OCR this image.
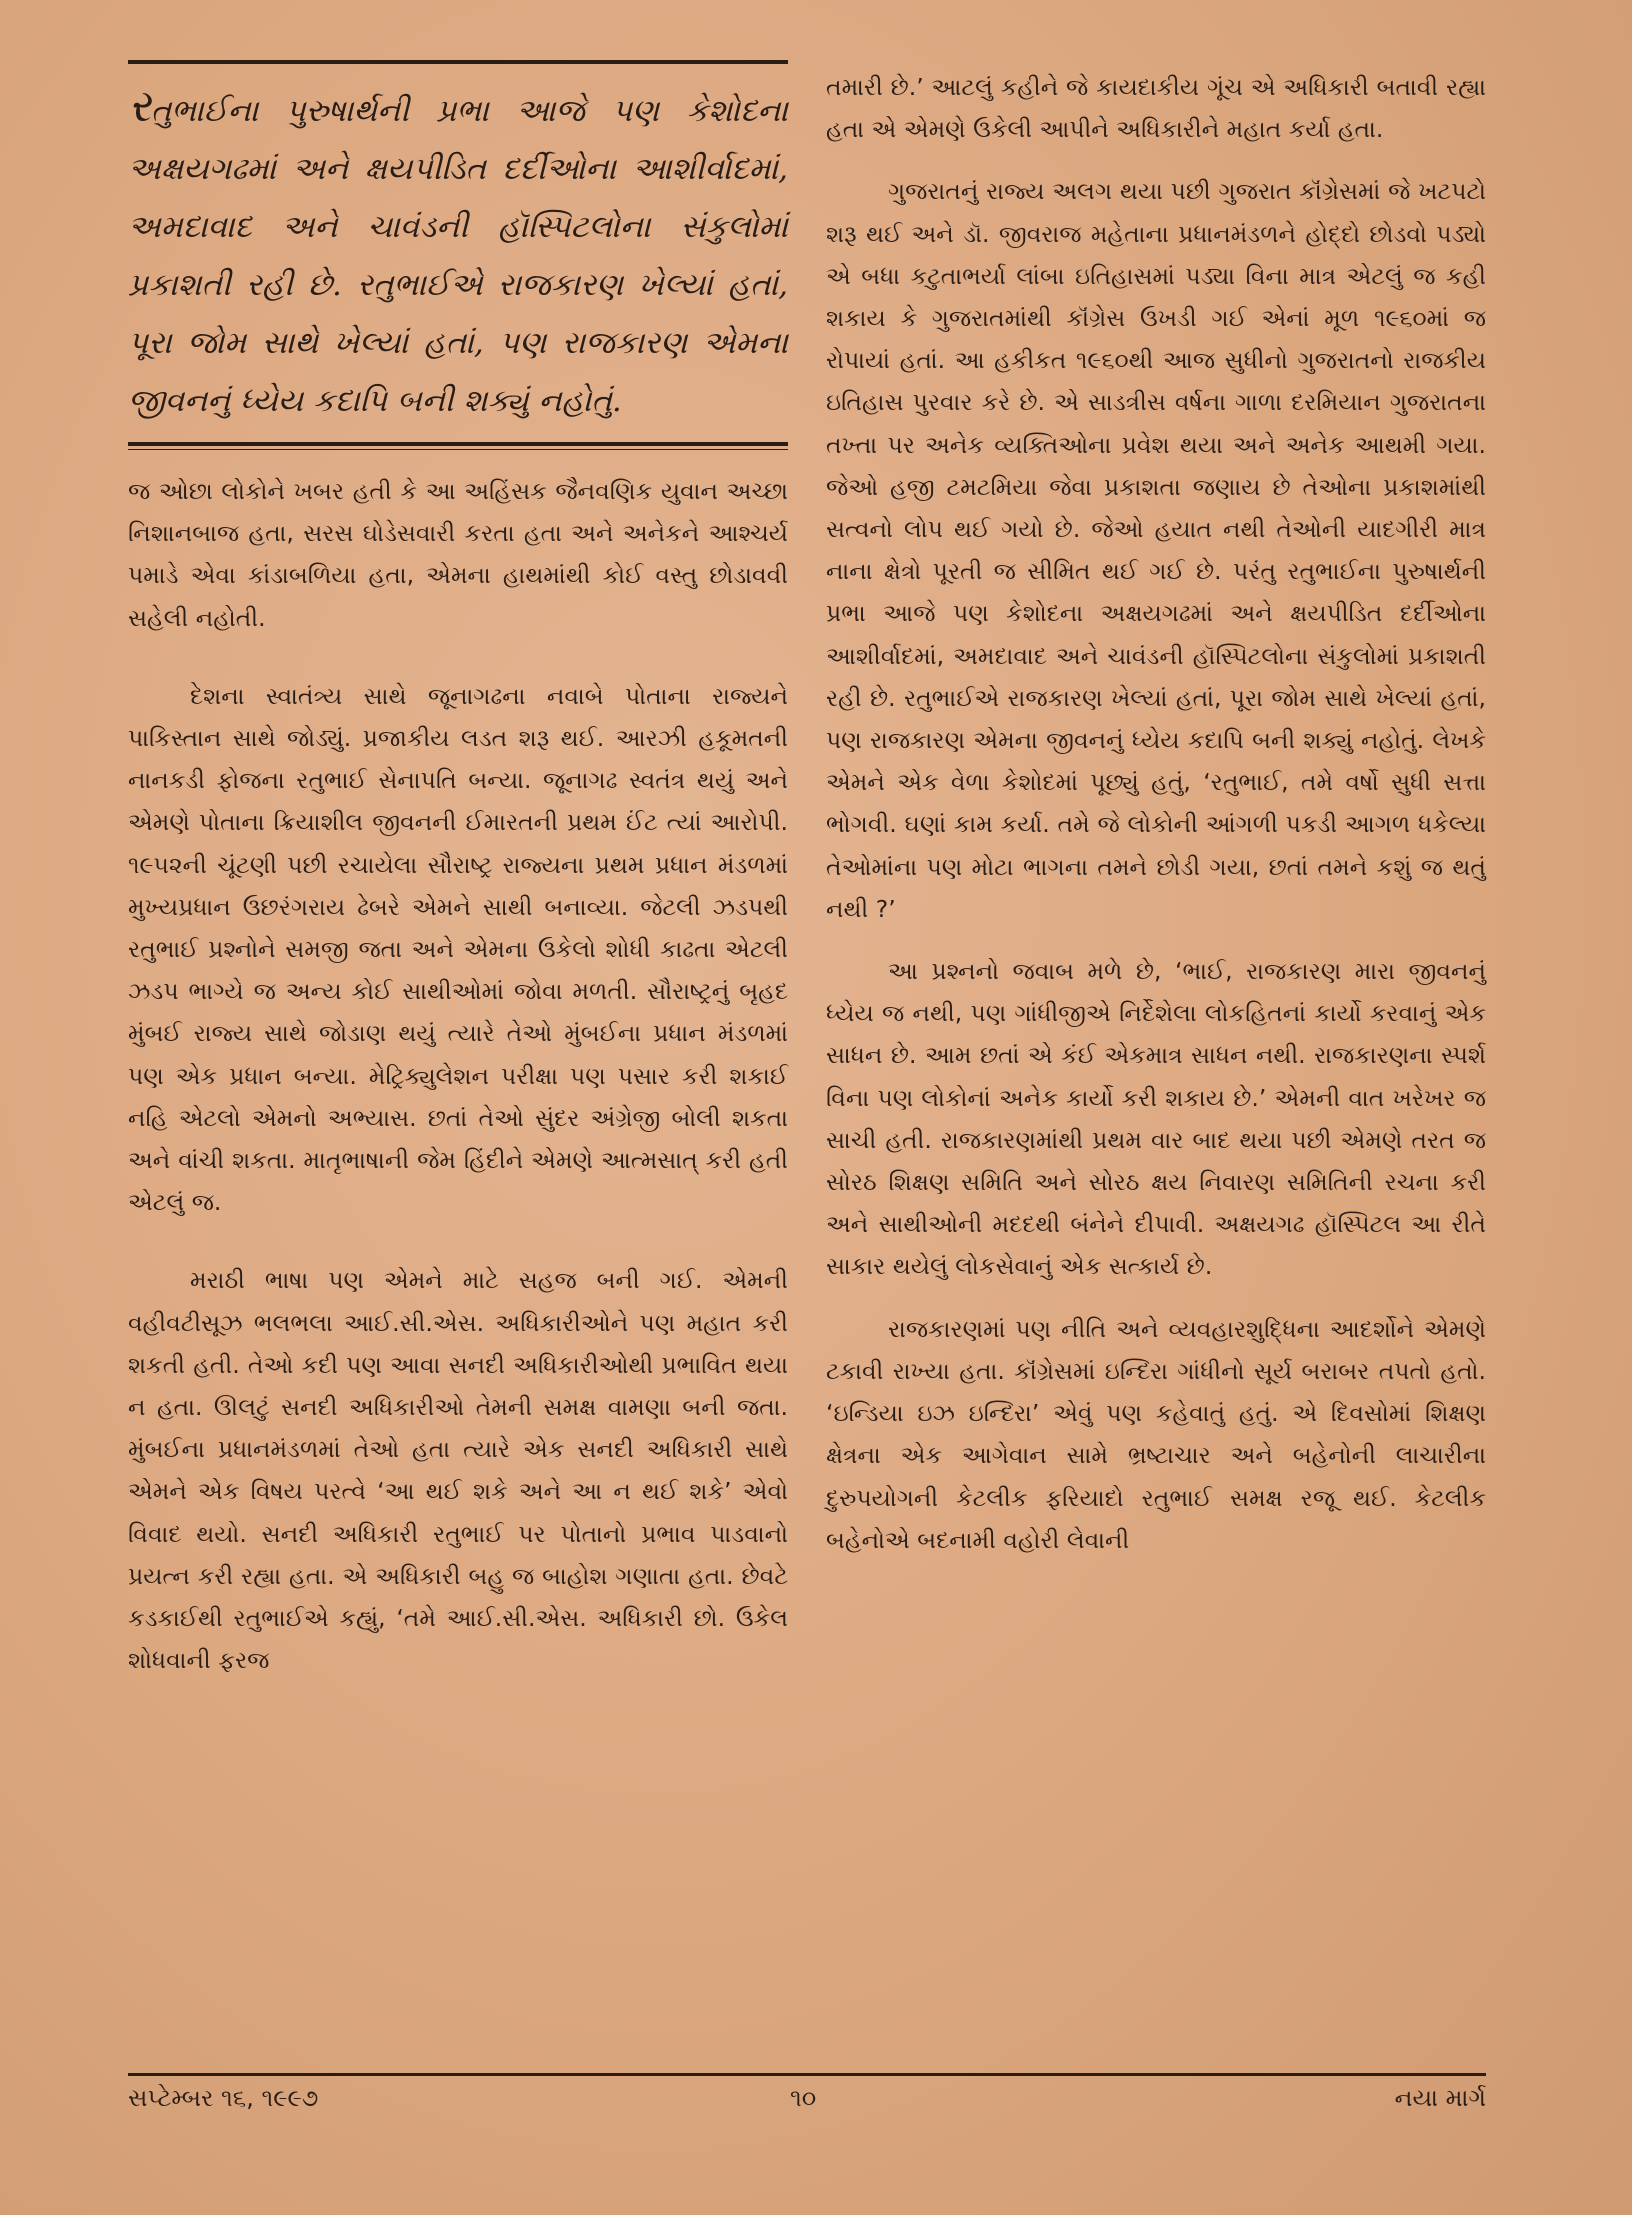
રતુભાઈના પુરુષાર્થની પ્રભા આજે પણ કેશોદના અક્ષયગઢમાં અને ક્ષયપીડિત દર્દીઓના આશીર્વાદમાં, અમદાવાદ અને ચાવંડની હૉસ્પિટલોના સંકુલોમાં પ્રકાશતી રહી છે. રતુભાઈએ રાજકારણ ખેલ્યાં હતાં, પૂરા જોમ સાથે ખેલ્યાં હતાં, પણ રાજકારણ એમના જીવનનું ધ્યેય કદાપિ બની શક્યું નહોતું.

જ ઓછા લોકોને ખબર હતી કે આ અહિંસક જૈનવણિક યુવાન અચ્છા નિશાનબાજ હતા, સરસ ઘોડેસવારી કરતા હતા અને અનેકને આશ્ચર્ય પમાડે એવા કાંડાબળિયા હતા, એમના હાથમાંથી કોઈ વસ્તુ છોડાવવી સહેલી નહોતી.

દેશના સ્વાતંત્ર્ય સાથે જૂનાગઢના નવાબે પોતાના રાજ્યને પાકિસ્તાન સાથે જોડ્યું. પ્રજાકીય લડત શરૂ થઈ. આરઝી હકૂમતની નાનકડી ફોજના રતુભાઈ સેનાપતિ બન્યા. જૂનાગઢ સ્વતંત્ર થયું અને એમણે પોતાના ક્રિયાશીલ જીવનની ઈમારતની પ્રથમ ઈંટ ત્યાં આરોપી. ૧૯૫૨ની ચૂંટણી પછી રચાયેલા સૌરાષ્ટ્ર રાજ્યના પ્રથમ પ્રધાન મંડળમાં મુખ્યપ્રધાન ઉછરંગરાય ઢેબરે એમને સાથી બનાવ્યા. જેટલી ઝડપથી રતુભાઈ પ્રશ્નોને સમજી જતા અને એમના ઉકેલો શોધી કાઢતા એટલી ઝડપ ભાગ્યે જ અન્ય કોઈ સાથીઓમાં જોવા મળતી. સૌરાષ્ટ્રનું બૃહદ મુંબઈ રાજ્ય સાથે જોડાણ થયું ત્યારે તેઓ મુંબઈના પ્રધાન મંડળમાં પણ એક પ્રધાન બન્યા. મેટ્રિક્યુલેશન પરીક્ષા પણ પસાર કરી શકાઈ નહિ એટલો એમનો અભ્યાસ. છતાં તેઓ સુંદર અંગ્રેજી બોલી શકતા અને વાંચી શકતા. માતૃભાષાની જેમ હિંદીને એમણે આત્મસાત્ કરી હતી એટલું જ.

મરાઠી ભાષા પણ એમને માટે સહજ બની ગઈ. એમની વહીવટીસૂઝ ભલભલા આઈ.સી.એસ. અધિકારીઓને પણ મહાત કરી શકતી હતી. તેઓ કદી પણ આવા સનદી અધિકારીઓથી પ્રભાવિત થયા ન હતા. ઊલટું સનદી અધિકારીઓ તેમની સમક્ષ વામણા બની જતા. મુંબઈના પ્રધાનમંડળમાં તેઓ હતા ત્યારે એક સનદી અધિકારી સાથે એમને એક વિષય પરત્વે ‘આ થઈ શકે અને આ ન થઈ શકે’ એવો વિવાદ થયો. સનદી અધિકારી રતુભાઈ પર પોતાનો પ્રભાવ પાડવાનો પ્રયત્ન કરી રહ્યા હતા. એ અધિકારી બહુ જ બાહોશ ગણાતા હતા. છેવટે કડકાઈથી રતુભાઈએ કહ્યું, ‘તમે આઈ.સી.એસ. અધિકારી છો. ઉકેલ શોધવાની ફરજ

તમારી છે.’ આટલું કહીને જે કાયદાકીય ગૂંચ એ અધિકારી બતાવી રહ્યા હતા એ એમણે ઉકેલી આપીને અધિકારીને મહાત કર્યા હતા.

ગુજરાતનું રાજ્ય અલગ થયા પછી ગુજરાત કૉંગ્રેસમાં જે ખટપટો શરૂ થઈ અને ડૉ. જીવરાજ મહેતાના પ્રધાનમંડળને હોદ્દો છોડવો પડ્યો એ બધા કટુતાભર્યા લાંબા ઇતિહાસમાં પડ્યા વિના માત્ર એટલું જ કહી શકાય કે ગુજરાતમાંથી કૉંગ્રેસ ઉખડી ગઈ એનાં મૂળ ૧૯૬૦માં જ રોપાયાં હતાં. આ હકીકત ૧૯૬૦થી આજ સુધીનો ગુજરાતનો રાજકીય ઇતિહાસ પુરવાર કરે છે. એ સાડત્રીસ વર્ષના ગાળા દરમિયાન ગુજરાતના તખ્તા પર અનેક વ્યક્તિઓના પ્રવેશ થયા અને અનેક આથમી ગયા. જેઓ હજી ટમટમિયા જેવા પ્રકાશતા જણાય છે તેઓના પ્રકાશમાંથી સત્વનો લોપ થઈ ગયો છે. જેઓ હયાત નથી તેઓની યાદગીરી માત્ર નાના ક્ષેત્રો પૂરતી જ સીમિત થઈ ગઈ છે. પરંતુ રતુભાઈના પુરુષાર્થની પ્રભા આજે પણ કેશોદના અક્ષયગઢમાં અને ક્ષયપીડિત દર્દીઓના આશીર્વાદમાં, અમદાવાદ અને ચાવંડની હૉસ્પિટલોના સંકુલોમાં પ્રકાશતી રહી છે. રતુભાઈએ રાજકારણ ખેલ્યાં હતાં, પૂરા જોમ સાથે ખેલ્યાં હતાં, પણ રાજકારણ એમના જીવનનું ધ્યેય કદાપિ બની શક્યું નહોતું. લેખકે એમને એક વેળા કેશોદમાં પૂછ્યું હતું, ‘રતુભાઈ, તમે વર્ષો સુધી સત્તા ભોગવી. ઘણાં કામ કર્યા. તમે જે લોકોની આંગળી પકડી આગળ ધકેલ્યા તેઓમાંના પણ મોટા ભાગના તમને છોડી ગયા, છતાં તમને કશું જ થતું નથી ?’

આ પ્રશ્નનો જવાબ મળે છે, ‘ભાઈ, રાજકારણ મારા જીવનનું ધ્યેય જ નથી, પણ ગાંધીજીએ નિર્દેશેલા લોકહિતનાં કાર્યો કરવાનું એક સાધન છે. આમ છતાં એ કંઈ એકમાત્ર સાધન નથી. રાજકારણના સ્પર્શ વિના પણ લોકોનાં અનેક કાર્યો કરી શકાય છે.’ એમની વાત ખરેખર જ સાચી હતી. રાજકારણમાંથી પ્રથમ વાર બાદ થયા પછી એમણે તરત જ સોરઠ શિક્ષણ સમિતિ અને સોરઠ ક્ષય નિવારણ સમિતિની રચના કરી અને સાથીઓની મદદથી બંનેને દીપાવી. અક્ષયગઢ હૉસ્પિટલ આ રીતે સાકાર થયેલું લોકસેવાનું એક સત્કાર્ય છે.

રાજકારણમાં પણ નીતિ અને વ્યવહારશુદ્ધિના આદર્શોને એમણે ટકાવી રાખ્યા હતા. કૉંગ્રેસમાં ઇન્દિરા ગાંધીનો સૂર્ય બરાબર તપતો હતો. ‘ઇન્ડિયા ઇઝ ઇન્દિરા’ એવું પણ કહેવાતું હતું. એ દિવસોમાં શિક્ષણ ક્ષેત્રના એક આગેવાન સામે ભ્રષ્ટાચાર અને બહેનોની લાચારીના દુરુપયોગની કેટલીક ફરિયાદો રતુભાઈ સમક્ષ રજૂ થઈ. કેટલીક બહેનોએ બદનામી વહોરી લેવાની

સપ્ટેમ્બર ૧૬, ૧૯૯૭	૧૦	નયા માર્ગ
